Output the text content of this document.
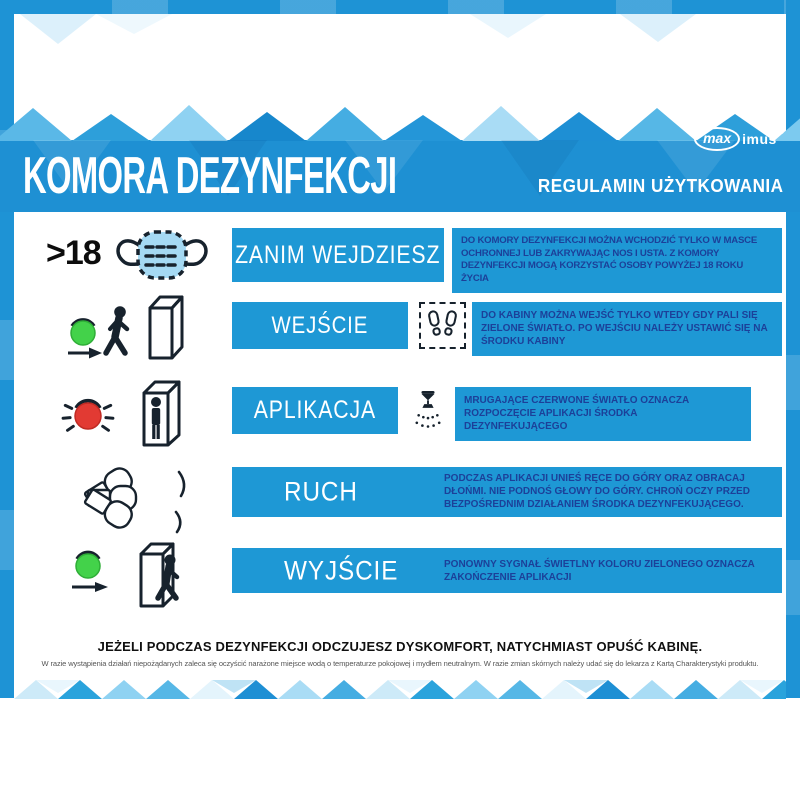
KOMORA DEZYNFEKCJI	REGULAMIN UŻYTKOWANIA
max imus ®
>18	ZANIM WEJDZIESZ	DO KOMORY DEZYNFEKCJI MOŻNA WCHODZIĆ TYLKO W MASCE OCHRONNEJ LUB ZAKRYWAJĄC NOS I USTA. Z KOMORY DEZYNFEKCJI MOGĄ KORZYSTAĆ OSOBY POWYŻEJ 18 ROKU ŻYCIA
WEJŚCIE	DO KABINY MOŻNA WEJŚĆ TYLKO WTEDY GDY PALI SIĘ ZIELONE ŚWIATŁO. PO WEJŚCIU NALEŻY USTAWIĆ SIĘ NA ŚRODKU KABINY
APLIKACJA	MRUGAJĄCE CZERWONE ŚWIATŁO OZNACZA ROZPOCZĘCIE APLIKACJI ŚRODKA DEZYNFEKUJĄCEGO
RUCH	PODCZAS APLIKACJI UNIEŚ RĘCE DO GÓRY ORAZ OBRACAJ DŁOŃMI. NIE PODNOŚ GŁOWY DO GÓRY. CHROŃ OCZY PRZED BEZPOŚREDNIM DZIAŁANIEM ŚRODKA DEZYNFEKUJĄCEGO.
WYJŚCIE	PONOWNY SYGNAŁ ŚWIETLNY KOLORU ZIELONEGO OZNACZA ZAKOŃCZENIE APLIKACJI

JEŻELI PODCZAS DEZYNFEKCJI ODCZUJESZ DYSKOMFORT, NATYCHMIAST OPUŚĆ KABINĘ.

W razie wystąpienia działań niepożądanych zaleca się oczyścić narażone miejsce wodą o temperaturze pokojowej i mydłem neutralnym. W razie zmian skórnych należy udać się do lekarza z Kartą Charakterystyki produktu.
